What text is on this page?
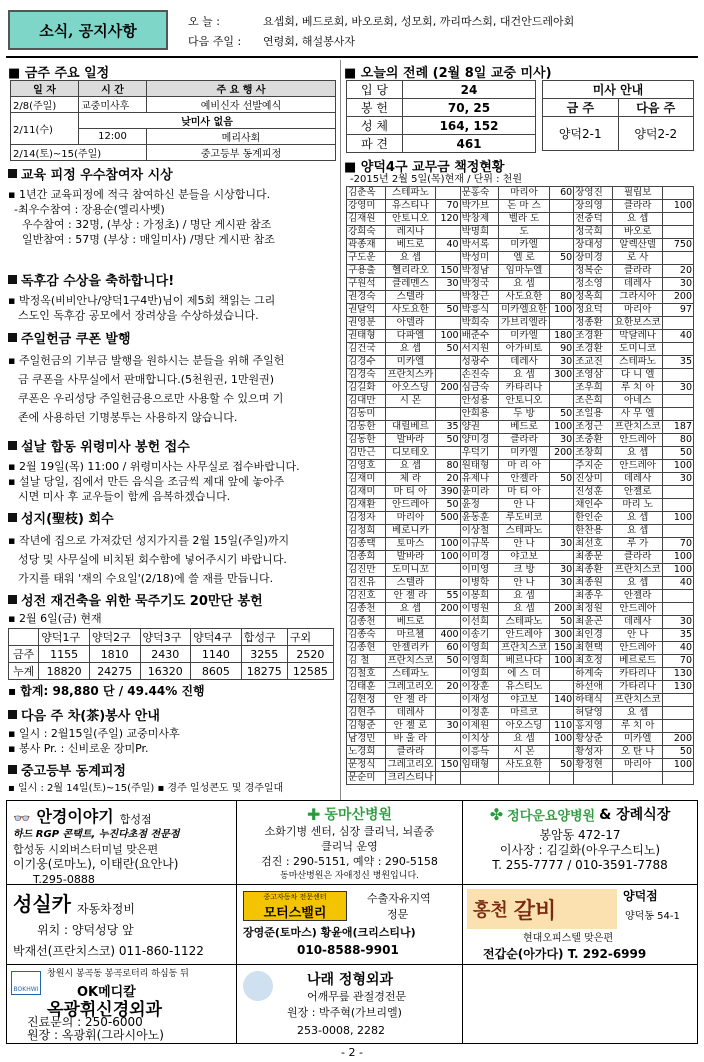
소식, 공지사항	오 늘 :	요셉회, 베드로회, 바오로회, 성모회, 까리따스회, 대건안드레아회
다음 주일 : 연령회, 해설봉사자
■ 금주 주요 일정
일 자	시 간	주 요 행 사
2/8(주일)	교중미사후	예비신자 선발예식
2/11(수)	낮미사 없음	
	12:00	메리사회
2/14(토)~15(주일)		중고등부 동계피정
■ 오늘의 전례 (2월 8일 교중 미사)
입 당	24
봉 헌	70, 25
성 체	164, 152
파 견	461
미사 안내	
금 주	다음 주
양덕2-1	양덕2-2
교육 피정 우수참여자 시상
▪ 1년간 교육피정에 적극 참여하신 분들을 시상합니다.
-최우수참여 : 장용순(엘리사벳)
우수참여 : 32명, (부상 : 가정초) / 명단 게시판 참조
일반참여 : 57명 (부상 : 매일미사) /명단 게시판 참조
독후감 수상을 축하합니다!
▪ 박정옥(비비안나/양덕1구4반)님이 제5회 책읽는 그리
스도인 독후감 공모에서 장려상을 수상하셨습니다.
주일헌금 쿠폰 발행
▪ 주일헌금의 기부금 발행을 원하시는 분들을 위해 주일헌
금 쿠폰을 사무실에서 판매합니다.(5천원권, 1만원권)
쿠폰은 우리성당 주일헌금용으로만 사용할 수 있으며 기
존에 사용하던 기명봉투는 사용하지 않습니다.
설날 합동 위령미사 봉헌 접수
▪ 2월 19일(목) 11:00 / 위령미사는 사무실로 접수바랍니다.
▪ 설날 당일, 집에서 만든 음식을 조금씩 제대 앞에 놓아주
시면 미사 후 교우들이 함께 음복하겠습니다.
성지(聖枝) 회수
▪ 작년에 집으로 가져갔던 성지가지를 2월 15일(주일)까지
성당 및 사무실에 비치된 회수함에 넣어주시기 바랍니다.
가지를 태워 '재의 수요일'(2/18)에 쓸 재를 만듭니다.
성전 재건축을 위한 묵주기도 20만단 봉헌
▪ 2월 6일(금) 현재
	양덕1구	양덕2구	양덕3구	양덕4구	합성구	구외
금주	1155	1810	2430	1140	3255	2520
누계	18820	24275	16320	8605	18275	12585
▪ 합계: 98,880 단 / 49.44% 진행
다음 주 차(茶)봉사 안내
▪ 일시 : 2월15일(주일) 교중미사후
▪ 봉사 Pr. : 신비로운 장미Pr.
중고등부 동계피정
▪ 일시 : 2월 14일(토)~15(주일) ▪ 경주 일성콘도 및 경주일대
■ 양덕4구 교무금 책정현황
-2015년 2월 5일(목)현재 / 단위 : 천원
김춘옥	스테파노		문홍숙	마리아	60	장영진	필립보	
강영미	유스티나	70	박가브	돈 마 스		장의영	클라라	100
김재원	안토니오	120	박창제	벨라 도		전중덕	요 셉	
강희숙	레지나		박명희	도		정국희	바오로	
곽종재	베드로	40	박서록	미카엘		장대성	알렉산델	750
구도운	요 셉		박성미	엘 로	50	장미경	로 사	
구용출	헬리라오	150	박정남	임마누엘		정복순	클라라	20
구원석	클레멘스	30	박정국	요 셉		정소영	데레사	30
권경숙	스텔라		박창근	사도요한	80	정옥희	그라시아	200
권달익	사도요한	50	박흥식	미카엘요한	100	정요덕	마리아	97
권영분	아델라		박희숙	가브리엘라		정종환	요한보스코	
권태형	다파엘	100	배준수	미카엘	180	조경환	막달레나	40
김건국	요 셉	50	서지원	아가비토	90	조경환	도미니코	
김경수	미카엘		성광수	데레사	30	조교진	스테파노	35
김경숙	프란치스카		손진숙	요 셉	300	조영삼	다 니 엘	
김길화	아오스딩	200	심금숙	카타리나		조우희	루 치 아	30
김대만	시 몬		안성용	안토니오		조은희	아네스	
김동미			안희용	두 방	50	조일용	사 무 엘	
김동한	대릴베르	35	양권	베드로	100	조정근	프란치스코	187
김동한	발바라	50	양미경	클라라	30	조중환	안드레아	80
김만근	디모테오		우덕기	미카엘	200	조창희	요 셉	50
김영호	요 셉	80	원태형	마 리 아		주지순	안드레아	100
김재미	체 라	20	유제나	안젤라	50	진상미	데레사	30
김재미	마 티 아	390	윤미라	마 티 아		진성훈	안젤로	
김재환	안드레아	50	윤정	안 나		채인수	마리 노	
김정자	마리아	500	윤동훈	루도비코		한인순	요 셉	100
김정희	베로니카		이상철	스테파노		한찬용	요 셉	
김종택	토마스	100	이규목	안 나	30	최선호	루 가	70
김종희	발바라	100	이미경	야고보		최종문	클라라	100
김진만	도미니꼬		이미영	크 방	30	최종환	프란치스코	100
김진유	스텔라		이병학	안 나	30	최종원	요 셉	40
김진호	안 젤 라	55	이봉희	요 셉		최종우	안젤라	
김종천	요 셉	200	이명원	요 셉	200	최정원	안드레아	
김종천	베드로		이선희	스테파노	50	최윤곤	데레사	30
김종숙	마르첼	400	이송기	안드레아	300	최인경	안 나	35
김종현	안젤리카	60	이영희	프란치스코	150	최현택	안드레아	40
김 철	프란치스코	50	이영희	베르나다	100	최호정	베르로드	70
김철호	스테파노		이영희	에 스 더		하계숙	카타리나	130
김태훈	그레고리오	20	이장훈	유스티노		하선애	가타리나	130
김현정	안 젤 라		이재성	야고보	140	하태식	프란치스코	
김현주	데레사		이정훈	마르코		허달영	요 셉	
김형준	안 젤 로	30	이제원	아오스딩	110	홍지영	루 치 아	
남경민	바 울 라		이치상	요 셉	100	황상준	미카엘	200
노경희	클라라		이흥득	시 몬		황성자	오 탄 나	50
문정식	그레고리오	150	임태형	사도요한	50	황정현	마리아	100
문순미	크리스티나							
👓 안경이야기 합성점
하드 RGP 콘택트, 누진다초점 전문점
합성동 시외버스터미널 맞은편
이기웅(로마노), 이태란(요안나)
T.295-0888
✚ 동마산병원
소화기병 센터, 심장 클리닉, 뇌졸중
클리닉 운영
검진 : 290-5151, 예약 : 290-5158
동마산병원은 자애정신 병원입니다.
✤ 정다운요양병원 & 장례식장
봉암동 472-17
이사장 : 김길화(아우구스티노)
T. 255-7777 / 010-3591-7788
성실카 자동차정비
위치 : 양덕성당 앞
박재선(프란치스코) 011-860-1122
중고자동차 전문센터
모터스밸리
수출자유지역
정문
장영준(토마스) 황윤애(크리스티나)
010-8588-9901
홍천 갈비
양덕점
양덕동 54-1
현대오피스텔 맞은편
전갑순(아가다) T. 292-6999
BOKHWI
창원시 봉곡동 봉곡로터리 하심동 뒤
OK메디칼
옥광휘신경외과
진료문의 : 250-6000
원장 : 옥광휘(그라시아노)
나래 정형외과
어깨무릎 관절경전문
원장 : 박주혁(가브리엘)
253-0008, 2282
- 2 -
